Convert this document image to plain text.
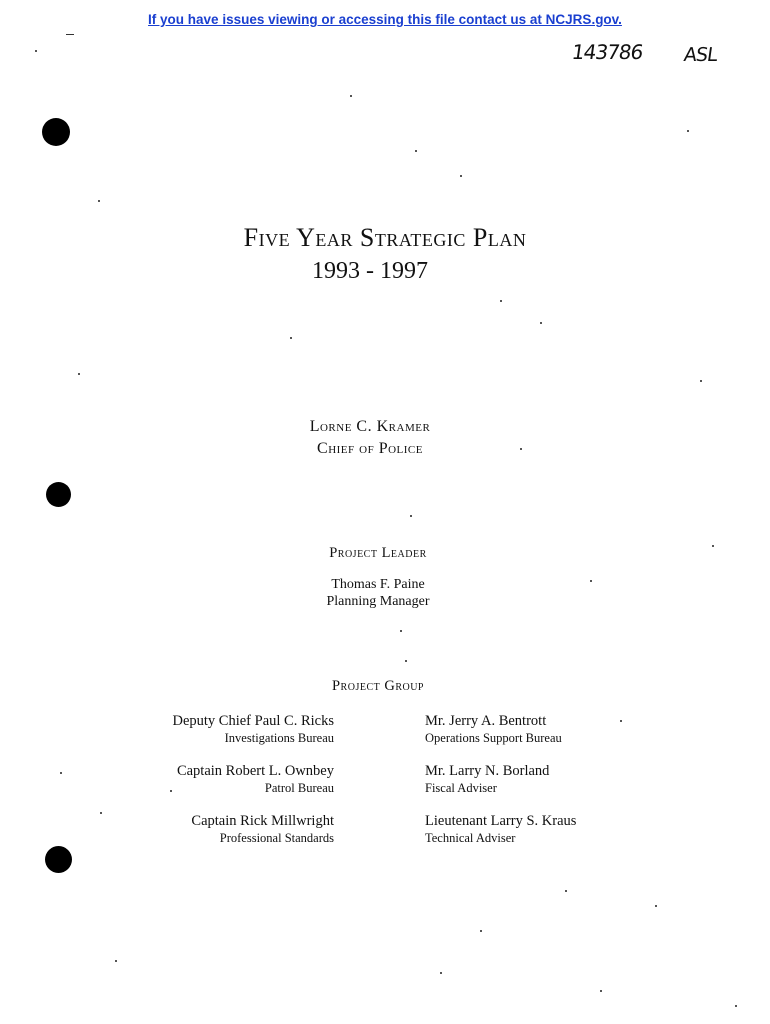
If you have issues viewing or accessing this file contact us at NCJRS.gov.
143786 ASL
Five Year Strategic Plan
1993 - 1997
Lorne C. Kramer
Chief of Police
Project Leader
Thomas F. Paine
Planning Manager
Project Group
Deputy Chief Paul C. Ricks
Investigations Bureau
Mr. Jerry A. Bentrott
Operations Support Bureau
Captain Robert L. Ownbey
Patrol Bureau
Mr. Larry N. Borland
Fiscal Adviser
Captain Rick Millwright
Professional Standards
Lieutenant Larry S. Kraus
Technical Adviser
